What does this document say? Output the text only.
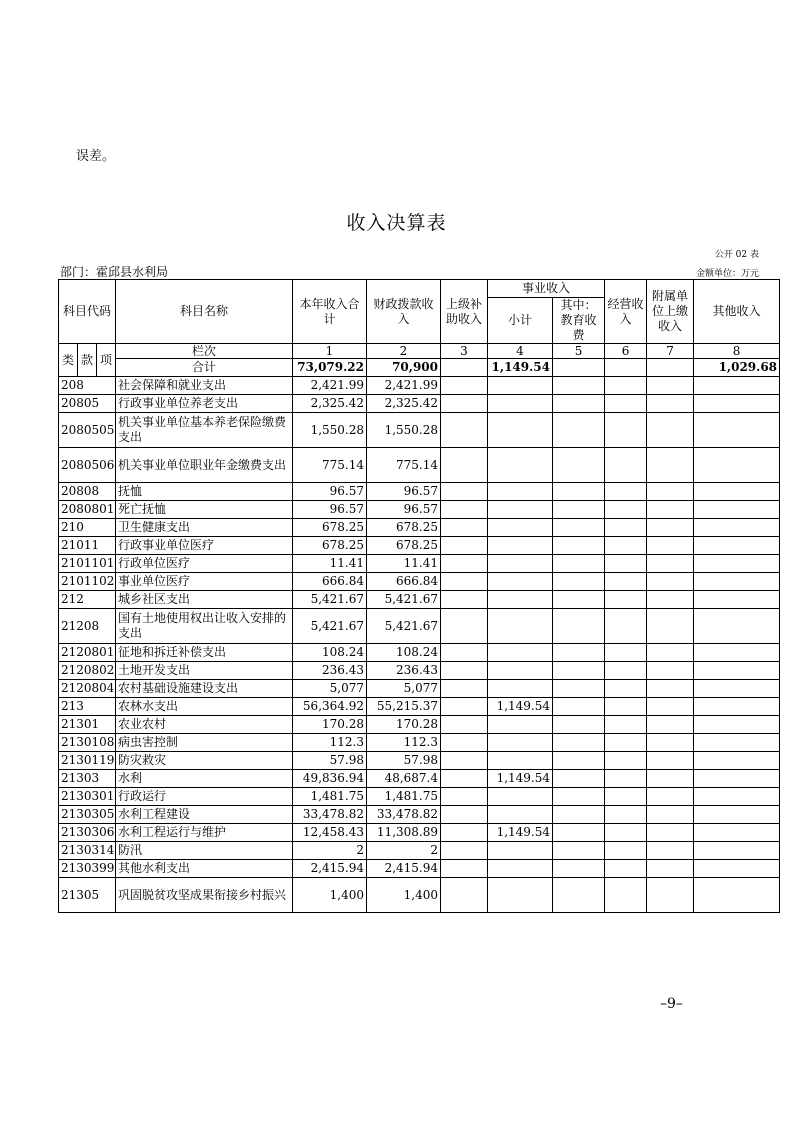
误差。
收入决算表
公开 02 表
部门：霍邱县水利局	金额单位：万元
科目代码			科目名称	本年收入合计	财政拨款收入	上级补助收入	事业收入		经营收入	附属单位上缴收入	其他收入
							小计	其中：教育收费			
类	款	项	栏次	1	2	3	4	5	6	7	8
			合计	73,079.22	70,900		1,149.54				1,029.68
208			社会保障和就业支出	2,421.99	2,421.99						
20805			行政事业单位养老支出	2,325.42	2,325.42						
2080505			机关事业单位基本养老保险缴费支出	1,550.28	1,550.28						
2080506			机关事业单位职业年金缴费支出	775.14	775.14						
20808			抚恤	96.57	96.57						
2080801			死亡抚恤	96.57	96.57						
210			卫生健康支出	678.25	678.25						
21011			行政事业单位医疗	678.25	678.25						
2101101			行政单位医疗	11.41	11.41						
2101102			事业单位医疗	666.84	666.84						
212			城乡社区支出	5,421.67	5,421.67						
21208			国有土地使用权出让收入安排的支出	5,421.67	5,421.67						
2120801			征地和拆迁补偿支出	108.24	108.24						
2120802			土地开发支出	236.43	236.43						
2120804			农村基础设施建设支出	5,077	5,077						
213			农林水支出	56,364.92	55,215.37		1,149.54				
21301			农业农村	170.28	170.28						
2130108			病虫害控制	112.3	112.3						
2130119			防灾救灾	57.98	57.98						
21303			水利	49,836.94	48,687.4		1,149.54				
2130301			行政运行	1,481.75	1,481.75						
2130305			水利工程建设	33,478.82	33,478.82						
2130306			水利工程运行与维护	12,458.43	11,308.89		1,149.54				
2130314			防汛	2	2						
2130399			其他水利支出	2,415.94	2,415.94						
21305			巩固脱贫攻坚成果衔接乡村振兴	1,400	1,400						
–9–
